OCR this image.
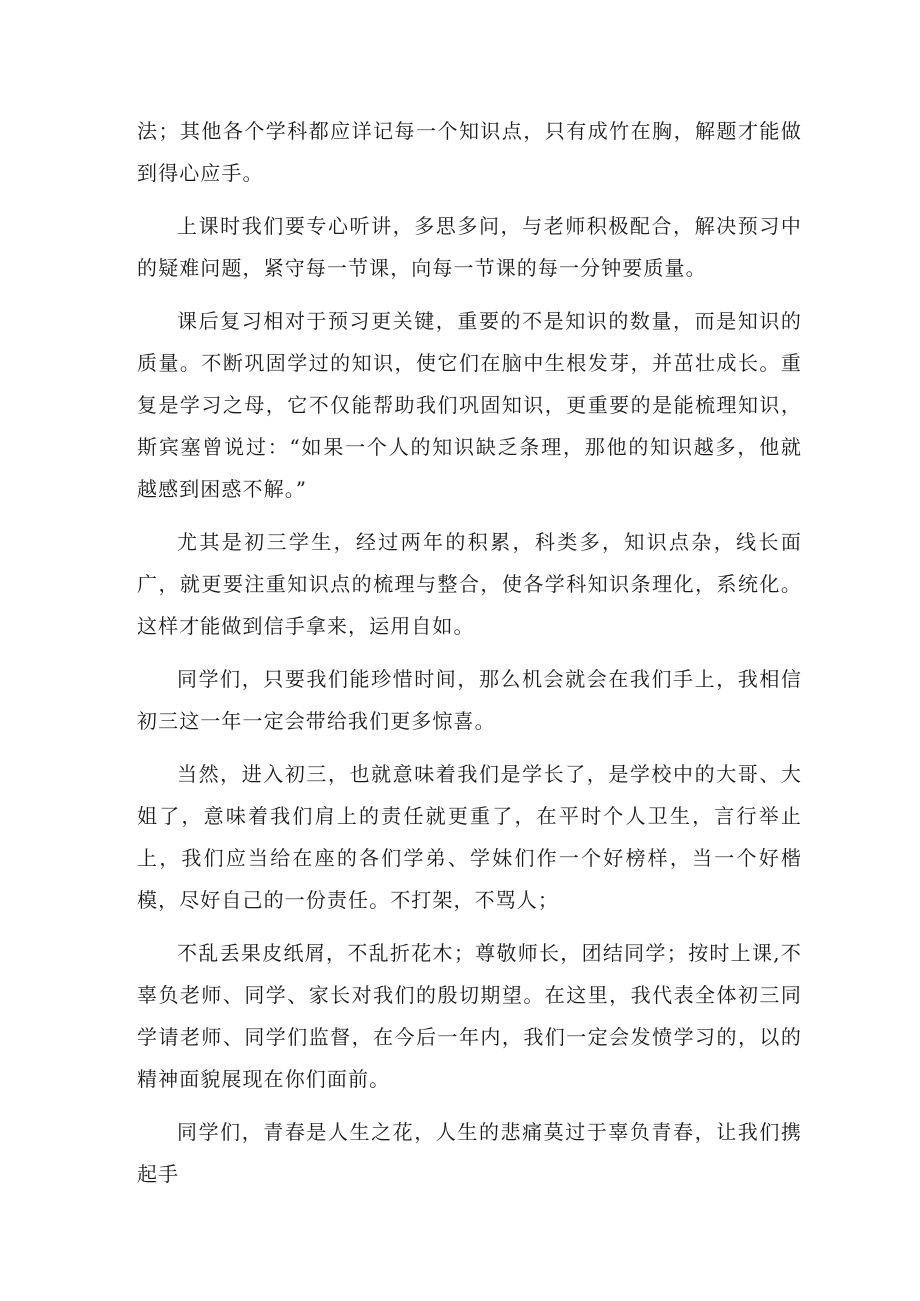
法；其他各个学科都应详记每一个知识点，只有成竹在胸，解题才能做到得心应手。

上课时我们要专心听讲，多思多问，与老师积极配合，解决预习中的疑难问题，紧守每一节课，向每一节课的每一分钟要质量。

课后复习相对于预习更关键，重要的不是知识的数量，而是知识的质量。不断巩固学过的知识，使它们在脑中生根发芽，并茁壮成长。重复是学习之母，它不仅能帮助我们巩固知识，更重要的是能梳理知识，斯宾塞曾说过：“如果一个人的知识缺乏条理，那他的知识越多，他就越感到困惑不解。”

尤其是初三学生，经过两年的积累，科类多，知识点杂，线长面广，就更要注重知识点的梳理与整合，使各学科知识条理化，系统化。这样才能做到信手拿来，运用自如。

同学们，只要我们能珍惜时间，那么机会就会在我们手上，我相信初三这一年一定会带给我们更多惊喜。

当然，进入初三，也就意味着我们是学长了，是学校中的大哥、大姐了，意味着我们肩上的责任就更重了，在平时个人卫生，言行举止上，我们应当给在座的各们学弟、学妹们作一个好榜样，当一个好楷模，尽好自己的一份责任。不打架，不骂人；

不乱丢果皮纸屑，不乱折花木；尊敬师长，团结同学；按时上课,不辜负老师、同学、家长对我们的殷切期望。在这里，我代表全体初三同学请老师、同学们监督，在今后一年内，我们一定会发愤学习的，以的精神面貌展现在你们面前。

同学们，青春是人生之花，人生的悲痛莫过于辜负青春，让我们携起手
